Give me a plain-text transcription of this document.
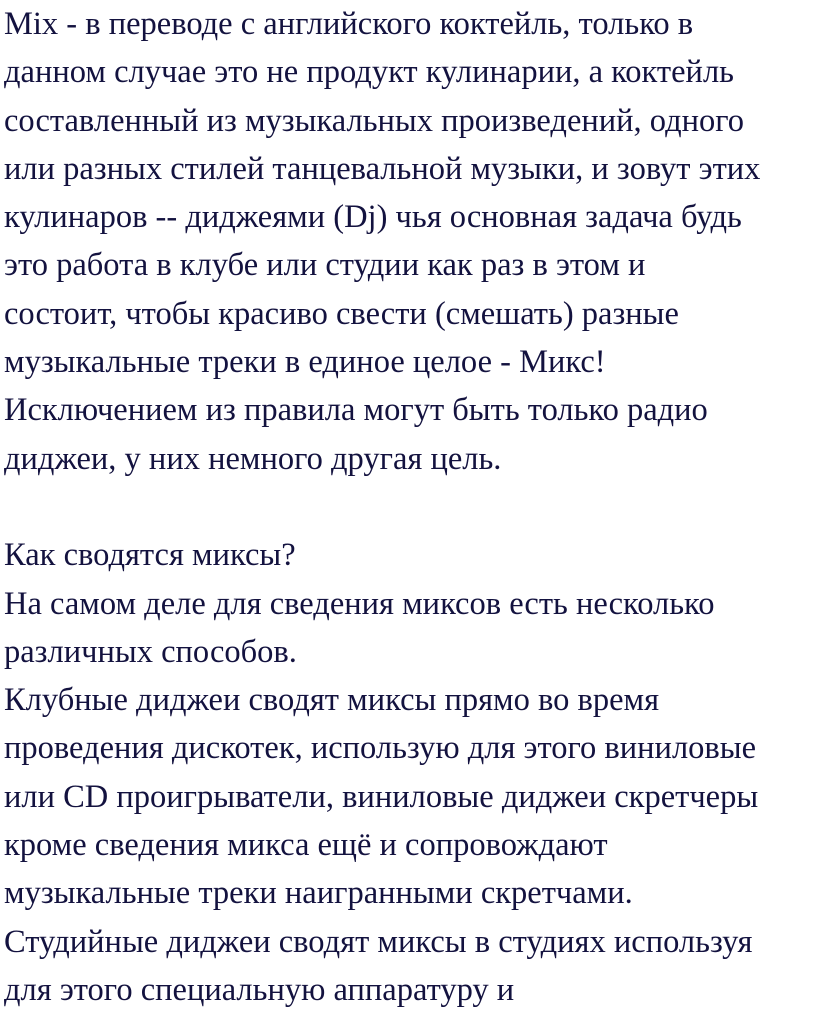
Mix - в переводе с английского коктейль, только в
данном случае это не продукт кулинарии, а коктейль
составленный из музыкальных произведений, одного
или разных стилей танцевальной музыки, и зовут этих
кулинаров -- диджеями (Dj) чья основная задача будь
это работа в клубе или студии как раз в этом и
состоит, чтобы красиво свести (смешать) разные
музыкальные треки в единое целое - Микс!
Исключением из правила могут быть только радио
диджеи, у них немного другая цель.
Как сводятся миксы?
На самом деле для сведения миксов есть несколько
различных способов.
Клубные диджеи сводят миксы прямо во время
проведения дискотек, использую для этого виниловые
или CD проигрыватели, виниловые диджеи скретчеры
кроме сведения микса ещё и сопровождают
музыкальные треки наигранными скретчами.
Студийные диджеи сводят миксы в студиях используя
для этого специальную аппаратуру и
